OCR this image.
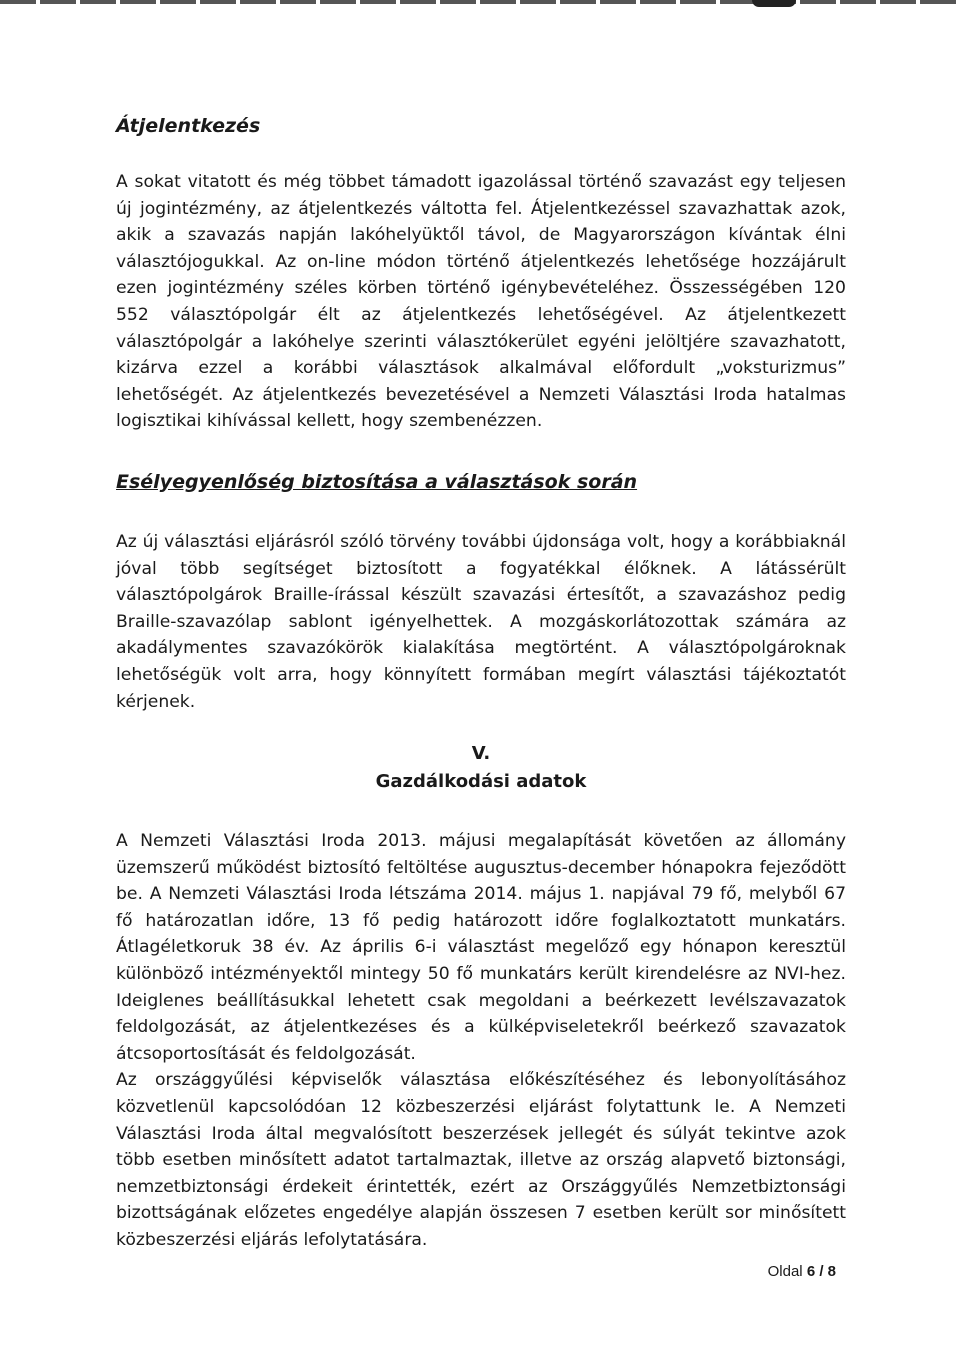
Átjelentkezés

A sokat vitatott és még többet támadott igazolással történő szavazást egy teljesen új jogintézmény, az átjelentkezés váltotta fel. Átjelentkezéssel szavazhattak azok, akik a szavazás napján lakóhelyüktől távol, de Magyarországon kívántak élni választójogukkal. Az on-line módon történő átjelentkezés lehetősége hozzájárult ezen jogintézmény széles körben történő igénybevételéhez. Összességében 120 552 választópolgár élt az átjelentkezés lehetőségével. Az átjelentkezett választópolgár a lakóhelye szerinti választókerület egyéni jelöltjére szavazhatott, kizárva ezzel a korábbi választások alkalmával előfordult „voksturizmus” lehetőségét. Az átjelentkezés bevezetésével a Nemzeti Választási Iroda hatalmas logisztikai kihívással kellett, hogy szembenézzen.

Esélyegyenlőség biztosítása a választások során

Az új választási eljárásról szóló törvény további újdonsága volt, hogy a korábbiaknál jóval több segítséget biztosított a fogyatékkal élőknek. A látássérült választópolgárok Braille-írással készült szavazási értesítőt, a szavazáshoz pedig Braille-szavazólap sablont igényelhettek. A mozgáskorlátozottak számára az akadálymentes szavazókörök kialakítása megtörtént. A választópolgároknak lehetőségük volt arra, hogy könnyített formában megírt választási tájékoztatót kérjenek.

V.
Gazdálkodási adatok

A Nemzeti Választási Iroda 2013. májusi megalapítását követően az állomány üzemszerű működést biztosító feltöltése augusztus-december hónapokra fejeződött be. A Nemzeti Választási Iroda létszáma 2014. május 1. napjával 79 fő, melyből 67 fő határozatlan időre, 13 fő pedig határozott időre foglalkoztatott munkatárs. Átlagéletkoruk 38 év. Az április 6-i választást megelőző egy hónapon keresztül különböző intézményektől mintegy 50 fő munkatárs került kirendelésre az NVI-hez. Ideiglenes beállításukkal lehetett csak megoldani a beérkezett levélszavazatok feldolgozását, az átjelentkezéses és a külképviseletekről beérkező szavazatok átcsoportosítását és feldolgozását.

Az országgyűlési képviselők választása előkészítéséhez és lebonyolításához közvetlenül kapcsolódóan 12 közbeszerzési eljárást folytattunk le. A Nemzeti Választási Iroda által megvalósított beszerzések jellegét és súlyát tekintve azok több esetben minősített adatot tartalmaztak, illetve az ország alapvető biztonsági, nemzetbiztonsági érdekeit érintették, ezért az Országgyűlés Nemzetbiztonsági bizottságának előzetes engedélye alapján összesen 7 esetben került sor minősített közbeszerzési eljárás lefolytatására.

Oldal 6 / 8
